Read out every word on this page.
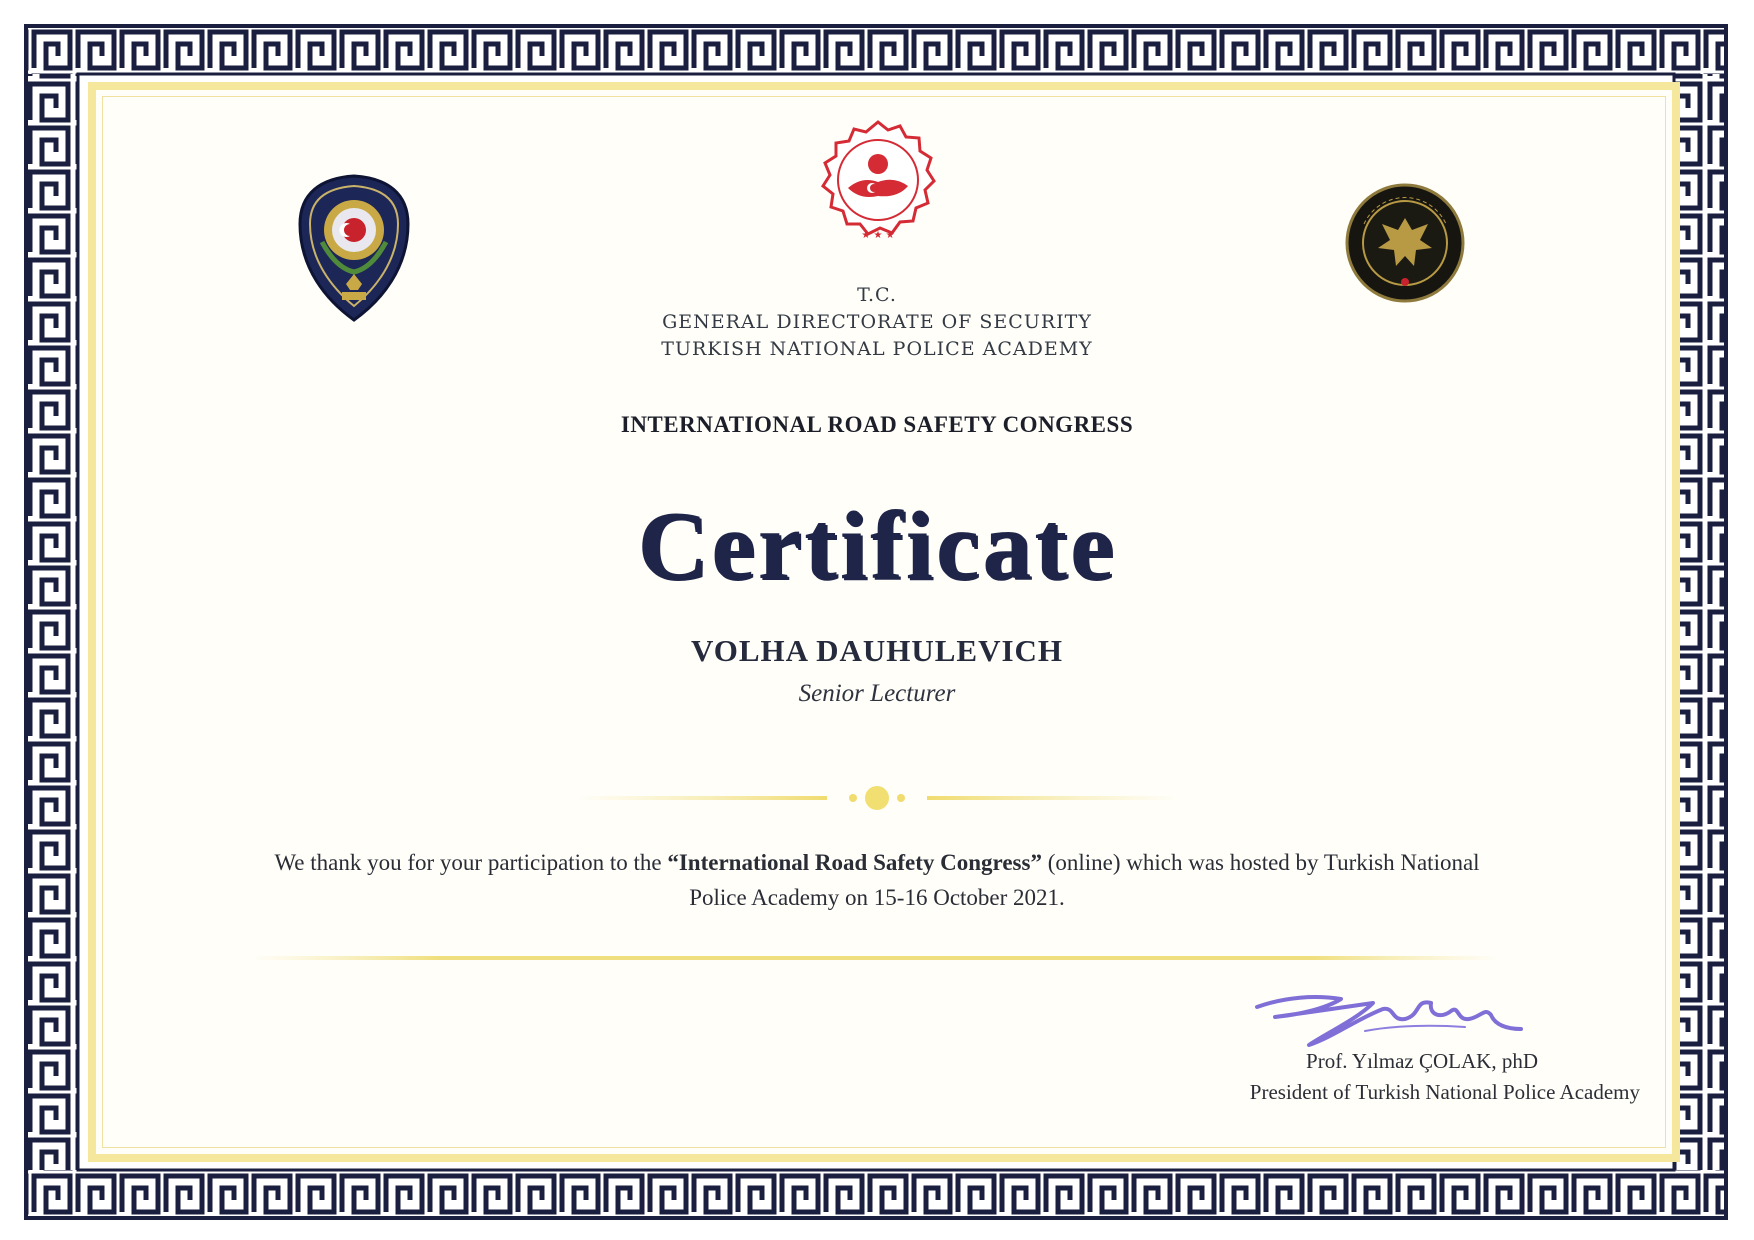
★ ★ ★
T.C.
GENERAL DIRECTORATE OF SECURITY
TURKISH NATIONAL POLICE ACADEMY
INTERNATIONAL ROAD SAFETY CONGRESS
Certificate
VOLHA DAUHULEVICH
Senior Lecturer
We thank you for your participation to the “International Road Safety Congress” (online) which was hosted by Turkish National Police Academy on 15-16 October 2021.
Prof. Yılmaz ÇOLAK, phD
President of Turkish National Police Academy
